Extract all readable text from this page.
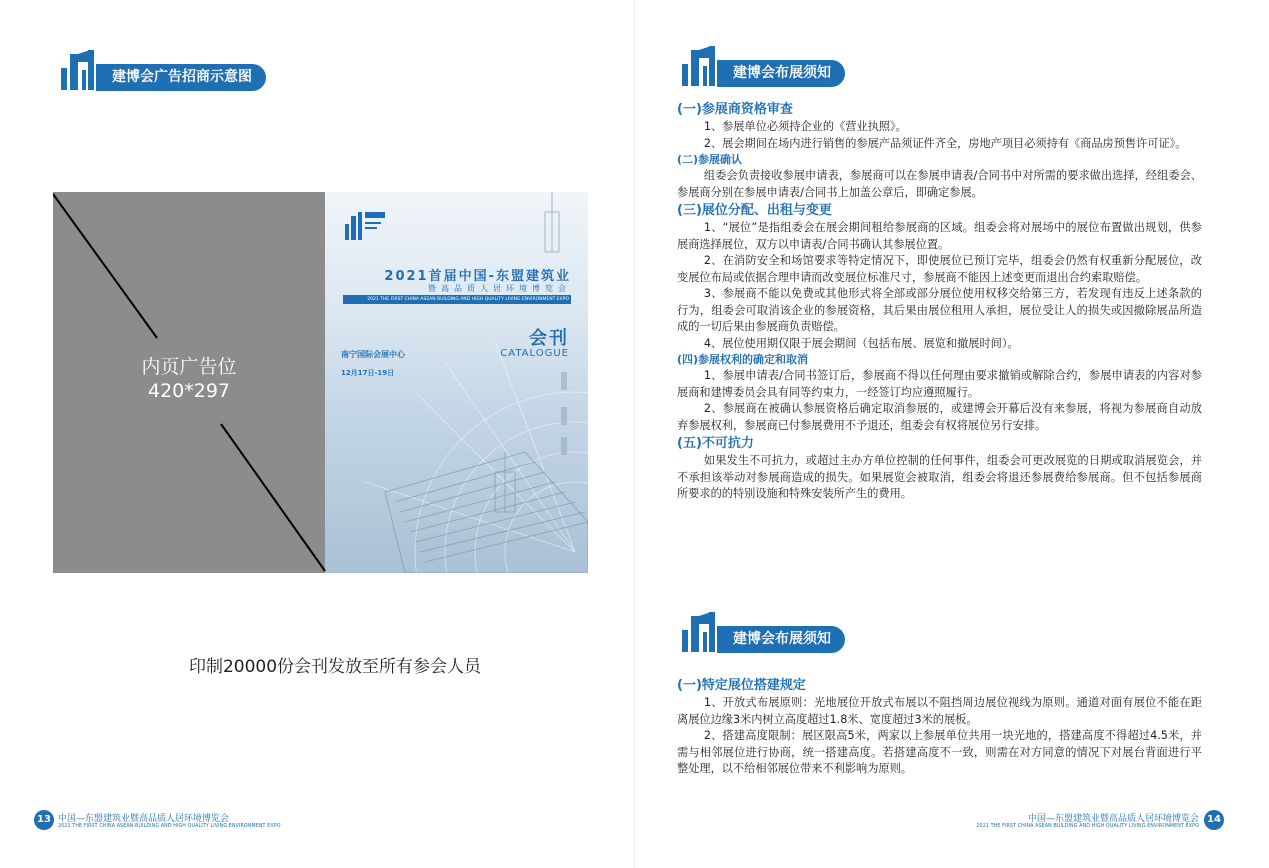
建博会广告招商示意图
内页广告位
420*297
2021首届中国-东盟建筑业
暨高品质人居环境博览会
2021 THE FIRST CHINA ASEAN BUILDING AND HIGH QUALITY LIVING ENVIRONMENT EXPO
会刊
CATALOGUE
南宁国际会展中心
12月17日-19日
印制20000份会刊发放至所有参会人员
13 中国—东盟建筑业暨高品质人居环境博览会
2021 THE FIRST CHINA ASEAN BUILDING AND HIGH QUALITY LIVING ENVIRONMENT EXPO
建博会布展须知
(一)参展商资格审查

1、参展单位必须持企业的《营业执照》。

2、展会期间在场内进行销售的参展产品须证件齐全，房地产项目必须持有《商品房预售许可证》。

(二)参展确认

组委会负责接收参展申请表，参展商可以在参展申请表/合同书中对所需的要求做出选择，经组委会、参展商分别在参展申请表/合同书上加盖公章后，即确定参展。

(三)展位分配、出租与变更

1、“展位”是指组委会在展会期间租给参展商的区域。组委会将对展场中的展位布置做出规划，供参展商选择展位，双方以申请表/合同书确认其参展位置。

2、在消防安全和场馆要求等特定情况下，即使展位已预订完毕，组委会仍然有权重新分配展位，改变展位布局或依据合理申请而改变展位标准尺寸，参展商不能因上述变更而退出合约索取赔偿。

3、参展商不能以免费或其他形式将全部或部分展位使用权移交给第三方，若发现有违反上述条款的行为，组委会可取消该企业的参展资格，其后果由展位租用人承担，展位受让人的损失或因撤除展品所造成的一切后果由参展商负责赔偿。

4、展位使用期仅限于展会期间（包括布展、展览和撤展时间）。

(四)参展权利的确定和取消

1、参展申请表/合同书签订后，参展商不得以任何理由要求撤销或解除合约，参展申请表的内容对参展商和建博委员会具有同等约束力，一经签订均应遵照履行。

2、参展商在被确认参展资格后确定取消参展的，或建博会开幕后没有来参展，将视为参展商自动放弃参展权利，参展商已付参展费用不予退还，组委会有权将展位另行安排。

(五)不可抗力

如果发生不可抗力，或超过主办方单位控制的任何事件，组委会可更改展览的日期或取消展览会，并不承担该举动对参展商造成的损失。如果展览会被取消，组委会将退还参展费给参展商。但不包括参展商所要求的的特别设施和特殊安装所产生的费用。

建博会布展须知
(一)特定展位搭建规定

1、开放式布展原则：光地展位开放式布展以不阻挡周边展位视线为原则。通道对面有展位不能在距离展位边缘3米内树立高度超过1.8米、宽度超过3米的展板。

2、搭建高度限制：展区限高5米，两家以上参展单位共用一块光地的，搭建高度不得超过4.5米，并需与相邻展位进行协商，统一搭建高度。若搭建高度不一致，则需在对方同意的情况下对展台背面进行平整处理，以不给相邻展位带来不利影响为原则。

中国—东盟建筑业暨高品质人居环境博览会
2021 THE FIRST CHINA ASEAN BUILDING AND HIGH QUALITY LIVING ENVIRONMENT EXPO
14
